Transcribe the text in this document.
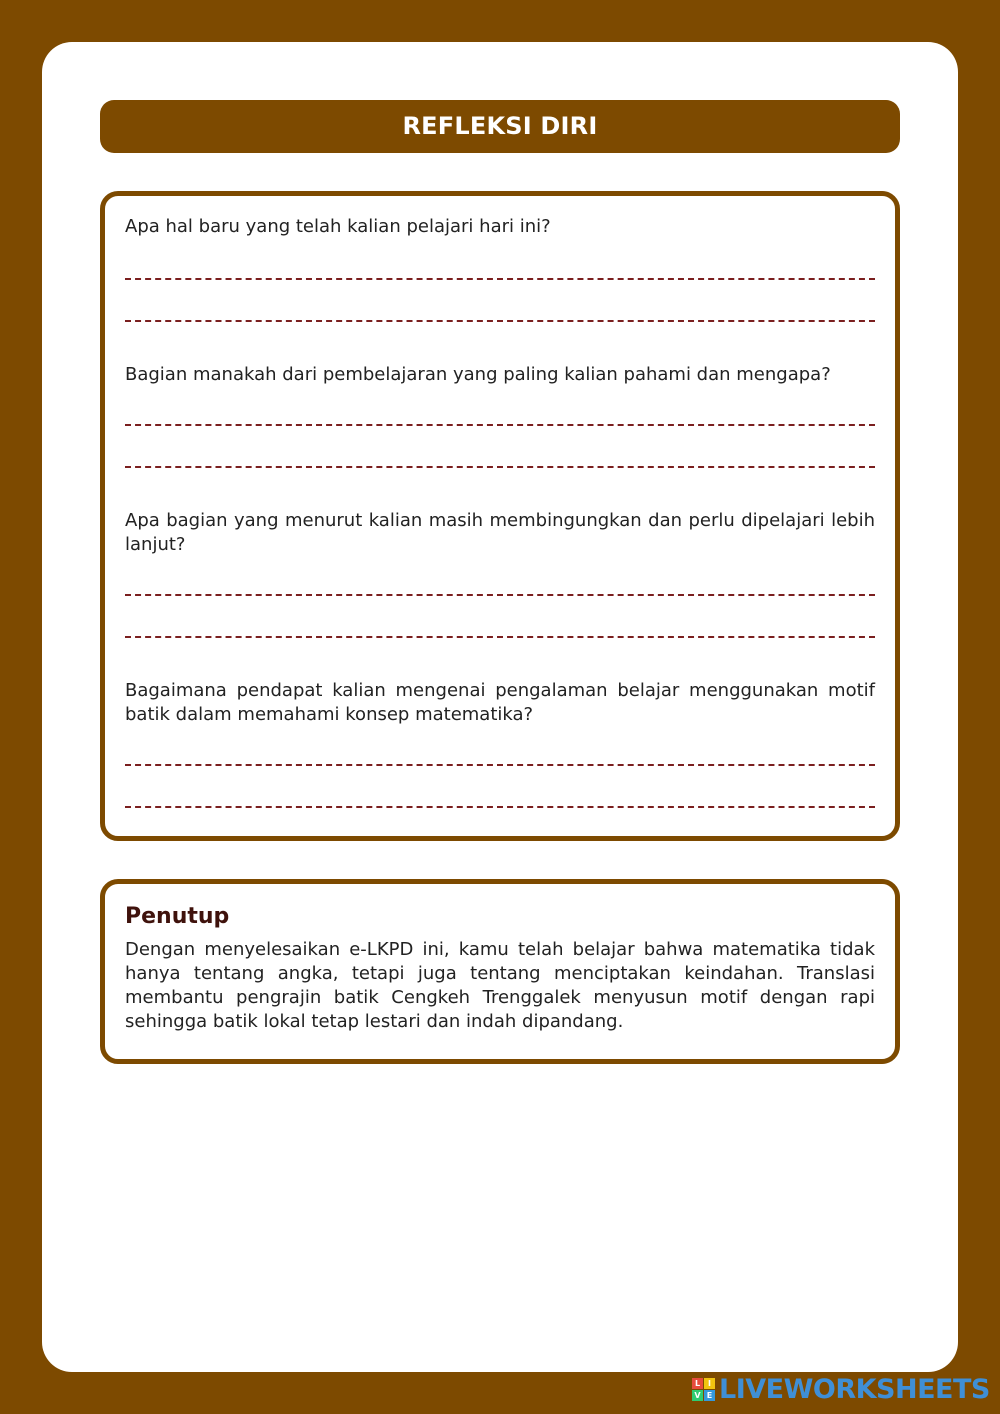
REFLEKSI DIRI
Apa hal baru yang telah kalian pelajari hari ini?
Bagian manakah dari pembelajaran yang paling kalian pahami dan mengapa?
Apa bagian yang menurut kalian masih membingungkan dan perlu dipelajari lebih lanjut?
Bagaimana pendapat kalian mengenai pengalaman belajar menggunakan motif batik dalam memahami konsep matematika?
Penutup
Dengan menyelesaikan e-LKPD ini, kamu telah belajar bahwa matematika tidak hanya tentang angka, tetapi juga tentang menciptakan keindahan. Translasi membantu pengrajin batik Cengkeh Trenggalek menyusun motif dengan rapi sehingga batik lokal tetap lestari dan indah dipandang.
L I
V E LIVEWORKSHEETS
